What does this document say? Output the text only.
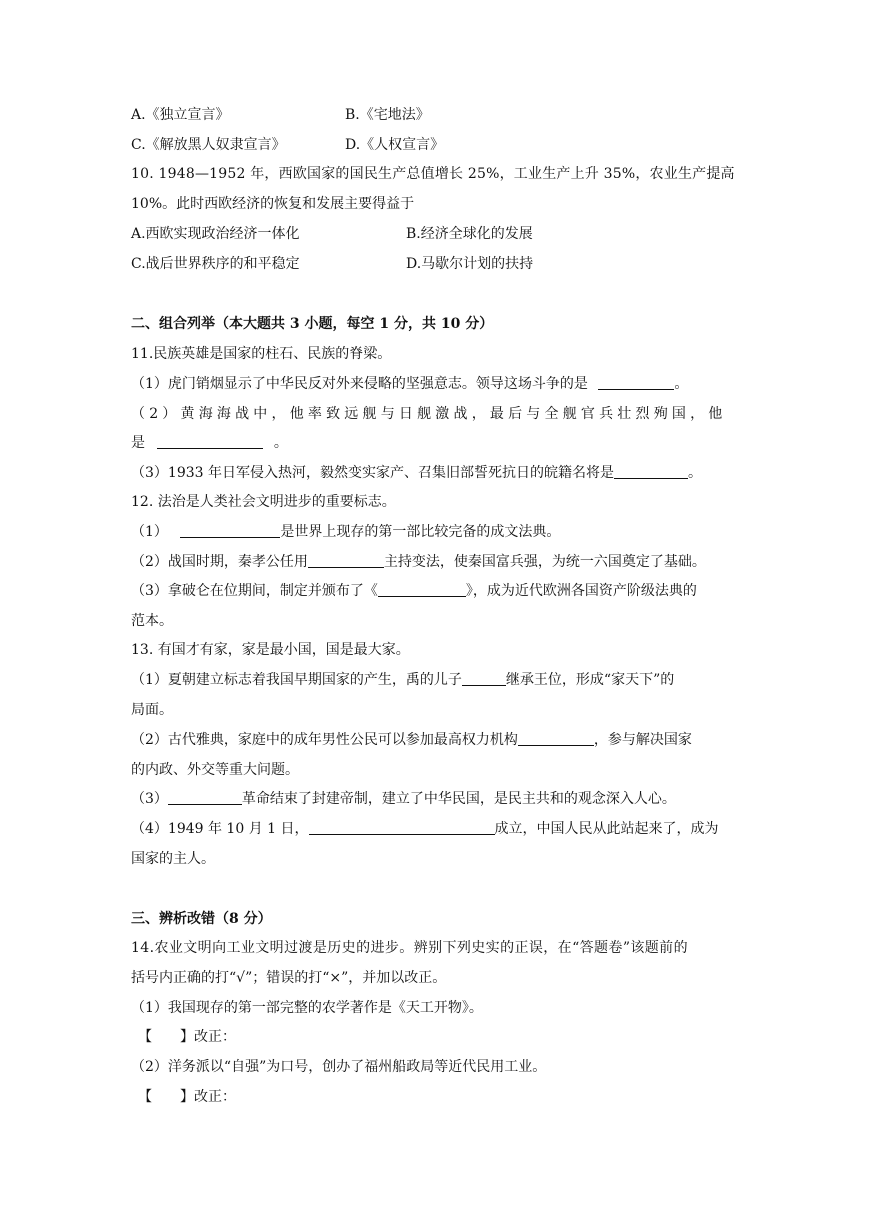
A.《独立宣言》	B.《宅地法》
C.《解放黑人奴隶宣言》	D.《人权宣言》
10. 1948—1952 年，西欧国家的国民生产总值增长 25%，工业生产上升 35%，农业生产提高
10%。此时西欧经济的恢复和发展主要得益于
A.西欧实现政治经济一体化	B.经济全球化的发展
C.战后世界秩序的和平稳定	D.马歇尔计划的扶持
二、组合列举（本大题共 3 小题，每空 1 分，共 10 分）
11.民族英雄是国家的柱石、民族的脊梁。
（1）虎门销烟显示了中华民反对外来侵略的坚强意志。领导这场斗争的是	。
（2）黄海海战中，他率致远舰与日舰激战，最后与全舰官兵壮烈殉国，他
是	。
（3）1933 年日军侵入热河，毅然变实家产、召集旧部誓死抗日的皖籍名将是	。
12. 法治是人类社会文明进步的重要标志。
（1）	是世界上现存的第一部比较完备的成文法典。
（2）战国时期，秦孝公任用	主持变法，使秦国富兵强，为统一六国奠定了基础。
（3）拿破仑在位期间，制定并颁布了《	》，成为近代欧洲各国资产阶级法典的
范本。
13. 有国才有家，家是最小国，国是最大家。
（1）夏朝建立标志着我国早期国家的产生，禹的儿子	继承王位，形成“家天下”的
局面。
（2）古代雅典，家庭中的成年男性公民可以参加最高权力机构	，参与解决国家
的内政、外交等重大问题。
（3）	革命结束了封建帝制，建立了中华民国，是民主共和的观念深入人心。
（4）1949 年 10 月 1 日，	成立，中国人民从此站起来了，成为
国家的主人。
三、辨析改错（8 分）
14.农业文明向工业文明过渡是历史的进步。辨别下列史实的正误，在“答题卷”该题前的
括号内正确的打“√”；错误的打“×”，并加以改正。
（1）我国现存的第一部完整的农学著作是《天工开物》。
【　　】改正：
（2）洋务派以“自强”为口号，创办了福州船政局等近代民用工业。
【　　】改正：
